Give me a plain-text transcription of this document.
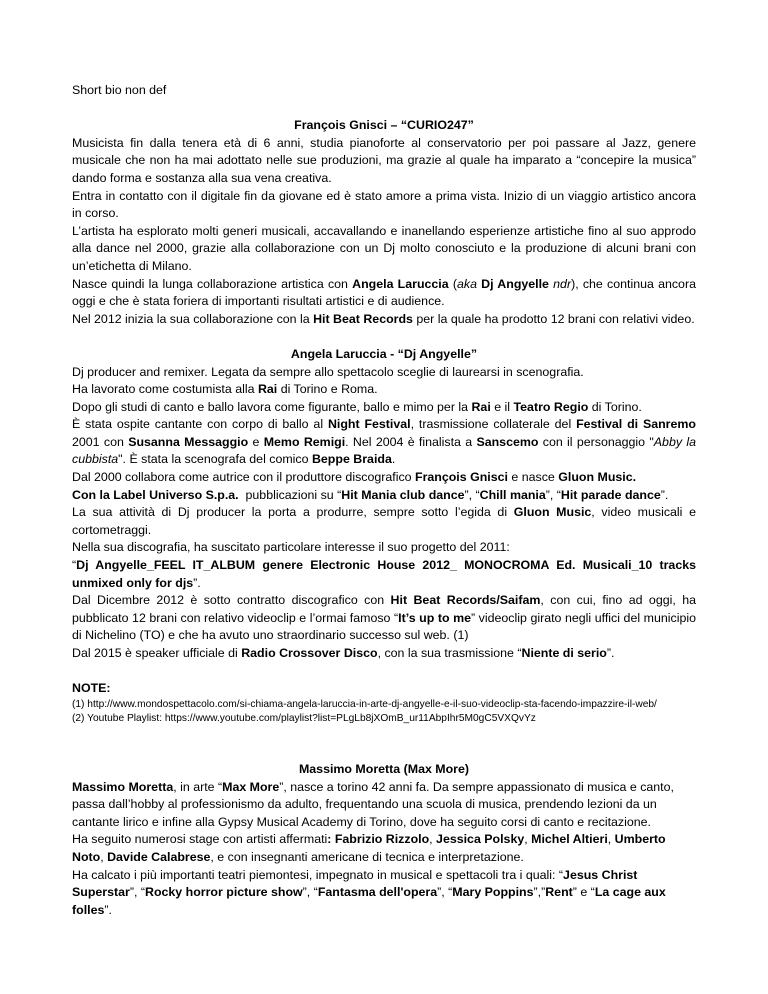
Short bio non def

François Gnisci – “CURIO247”

Musicista fin dalla tenera età di 6 anni, studia pianoforte al conservatorio per poi passare al Jazz, genere musicale che non ha mai adottato nelle sue produzioni, ma grazie al quale ha imparato a “concepire la musica” dando forma e sostanza alla sua vena creativa.

Entra in contatto con il digitale fin da giovane ed è stato amore a prima vista. Inizio di un viaggio artistico ancora in corso.

L’artista ha esplorato molti generi musicali, accavallando e inanellando esperienze artistiche fino al suo approdo alla dance nel 2000, grazie alla collaborazione con un Dj molto conosciuto e la produzione di alcuni brani con un’etichetta di Milano.

Nasce quindi la lunga collaborazione artistica con Angela Laruccia (aka Dj Angyelle ndr), che continua ancora oggi e che è stata foriera di importanti risultati artistici e di audience.

Nel 2012 inizia la sua collaborazione con la Hit Beat Records per la quale ha prodotto 12 brani con relativi video.

Angela Laruccia - “Dj Angyelle”

Dj producer and remixer. Legata da sempre allo spettacolo sceglie di laurearsi in scenografia.

Ha lavorato come costumista alla Rai di Torino e Roma.

Dopo gli studi di canto e ballo lavora come figurante, ballo e mimo per la Rai e il Teatro Regio di Torino.

È stata ospite cantante con corpo di ballo al Night Festival, trasmissione collaterale del Festival di Sanremo 2001 con Susanna Messaggio e Memo Remigi. Nel 2004 è finalista a Sanscemo con il personaggio "Abby la cubbista". È stata la scenografa del comico Beppe Braida.

Dal 2000 collabora come autrice con il produttore discografico François Gnisci e nasce Gluon Music.

Con la Label Universo S.p.a.  pubblicazioni su “Hit Mania club dance”, “Chill mania”, “Hit parade dance”.

La sua attività di Dj producer la porta a produrre, sempre sotto l’egida di Gluon Music, video musicali e cortometraggi.

Nella sua discografia, ha suscitato particolare interesse il suo progetto del 2011:

“Dj Angyelle_FEEL IT_ALBUM genere Electronic House 2012_ MONOCROMA Ed. Musicali_10 tracks unmixed only for djs”.

Dal Dicembre 2012 è sotto contratto discografico con Hit Beat Records/Saifam, con cui, fino ad oggi, ha pubblicato 12 brani con relativo videoclip e l’ormai famoso “It’s up to me” videoclip girato negli uffici del municipio di Nichelino (TO) e che ha avuto uno straordinario successo sul web. (1)

Dal 2015 è speaker ufficiale di Radio Crossover Disco, con la sua trasmissione “Niente di serio”.

NOTE:

(1) http://www.mondospettacolo.com/si-chiama-angela-laruccia-in-arte-dj-angyelle-e-il-suo-videoclip-sta-facendo-impazzire-il-web/

(2) Youtube Playlist: https://www.youtube.com/playlist?list=PLgLb8jXOmB_ur11AbpIhr5M0gC5VXQvYz

Massimo Moretta (Max More)

Massimo Moretta, in arte “Max More”, nasce a torino 42 anni fa. Da sempre appassionato di musica e canto, passa dall’hobby al professionismo da adulto, frequentando una scuola di musica, prendendo lezioni da un cantante lirico e infine alla Gypsy Musical Academy di Torino, dove ha seguito corsi di canto e recitazione.

Ha seguito numerosi stage con artisti affermati: Fabrizio Rizzolo, Jessica Polsky, Michel Altieri, Umberto Noto, Davide Calabrese, e con insegnanti americane di tecnica e interpretazione.

Ha calcato i più importanti teatri piemontesi, impegnato in musical e spettacoli tra i quali: “Jesus Christ Superstar”, “Rocky horror picture show”, “Fantasma dell'opera”, “Mary Poppins”,”Rent” e “La cage aux folles”.
